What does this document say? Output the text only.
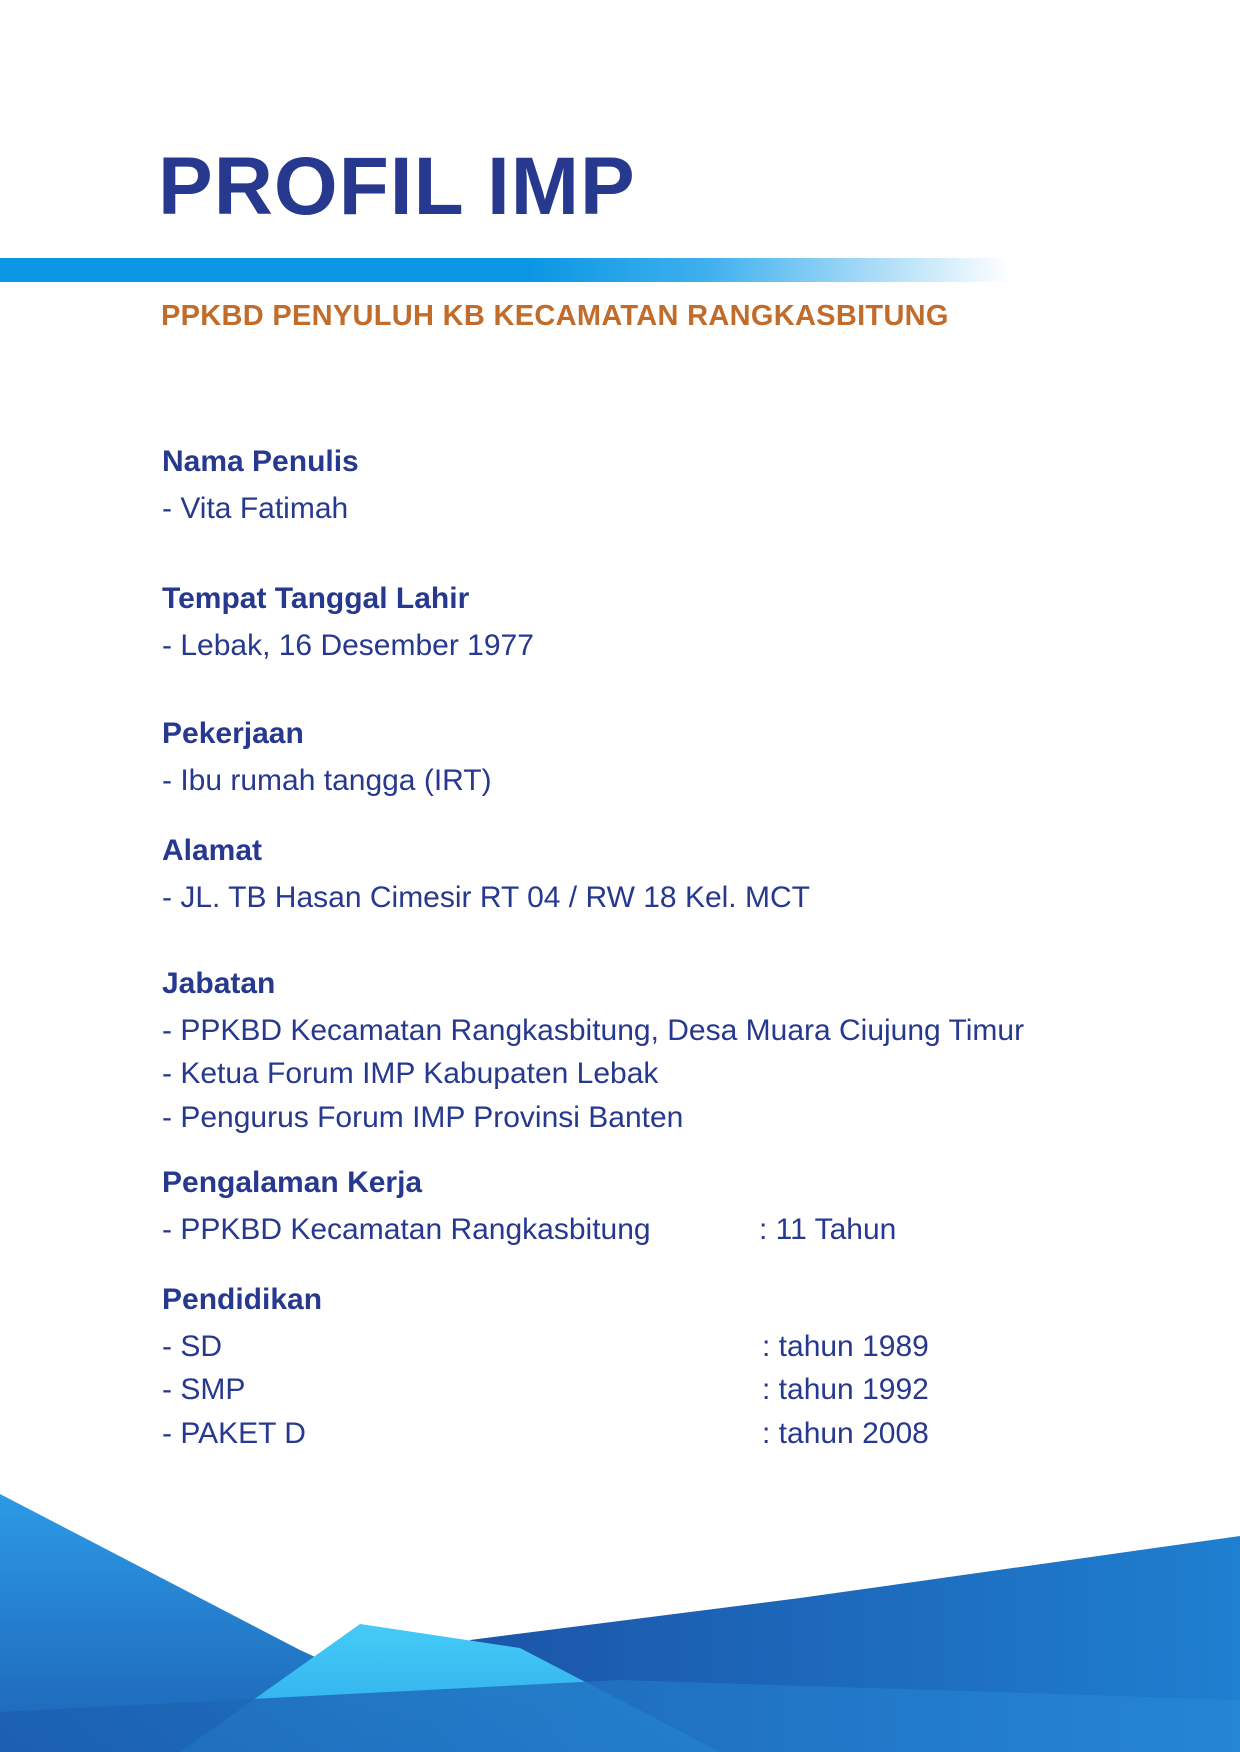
PROFIL IMP
PPKBD PENYULUH KB KECAMATAN RANGKASBITUNG
Nama Penulis
- Vita Fatimah
Tempat Tanggal Lahir
- Lebak, 16 Desember 1977
Pekerjaan
- Ibu rumah tangga (IRT)
Alamat
- JL. TB Hasan Cimesir RT 04 / RW 18 Kel. MCT
Jabatan
- PPKBD Kecamatan Rangkasbitung, Desa Muara Ciujung Timur
- Ketua Forum IMP Kabupaten Lebak
- Pengurus Forum IMP Provinsi Banten
Pengalaman Kerja
- PPKBD Kecamatan Rangkasbitung	: 11 Tahun
Pendidikan
- SD	: tahun 1989
- SMP	: tahun 1992
- PAKET D	: tahun 2008
